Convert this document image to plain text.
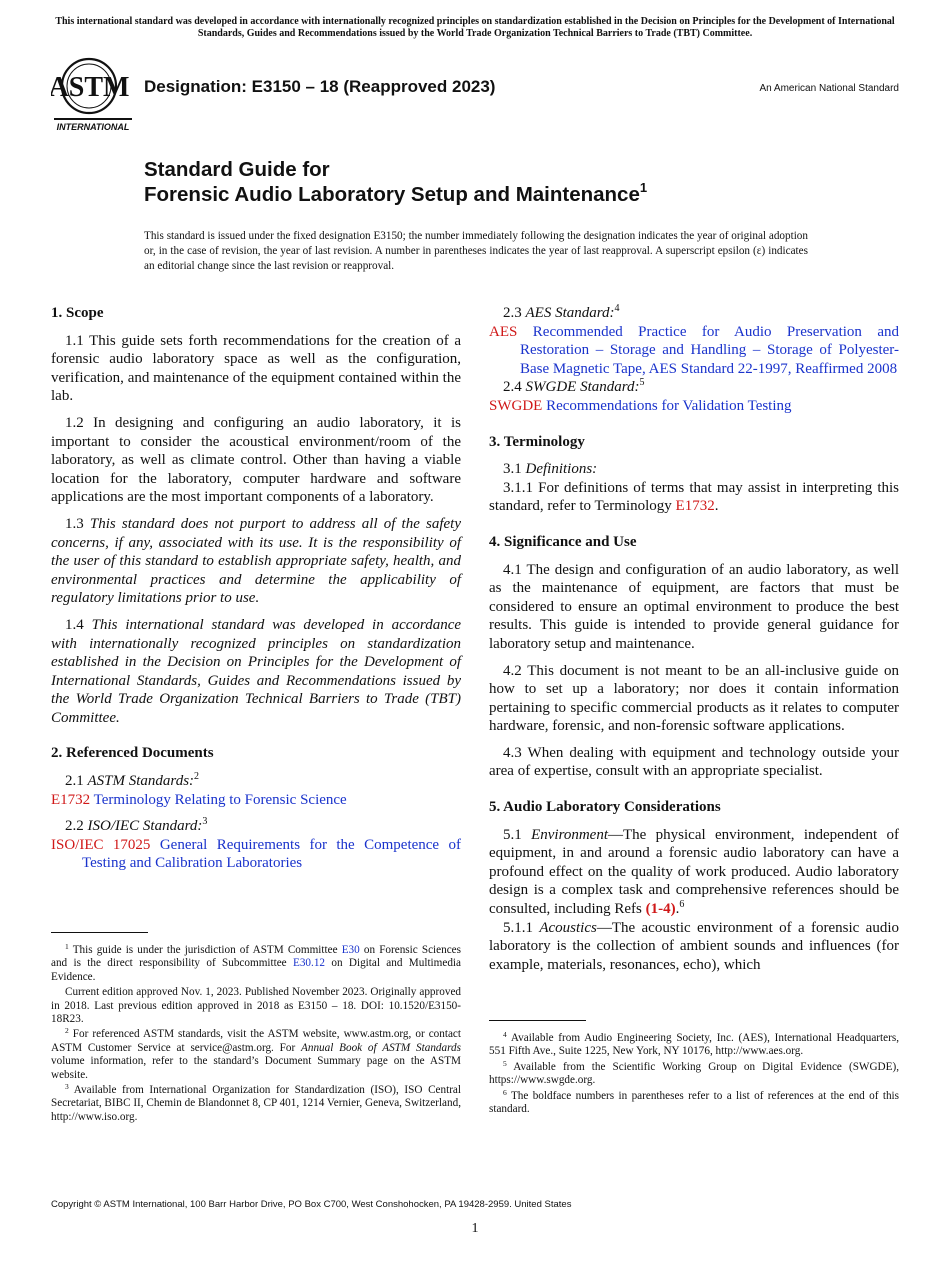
This international standard was developed in accordance with internationally recognized principles on standardization established in the Decision on Principles for the Development of International Standards, Guides and Recommendations issued by the World Trade Organization Technical Barriers to Trade (TBT) Committee.
ASTM
INTERNATIONAL
Designation: E3150 – 18 (Reapproved 2023)	An American National Standard
Standard Guide for
Forensic Audio Laboratory Setup and Maintenance$^1$
This standard is issued under the fixed designation E3150; the number immediately following the designation indicates the year of original adoption or, in the case of revision, the year of last revision. A number in parentheses indicates the year of last reapproval. A superscript epsilon (ε) indicates an editorial change since the last revision or reapproval.
1. Scope

1.1 This guide sets forth recommendations for the creation of a forensic audio laboratory space as well as the configuration, verification, and maintenance of the equipment contained within the lab.

1.2 In designing and configuring an audio laboratory, it is important to consider the acoustical environment/room of the laboratory, as well as climate control. Other than having a viable location for the laboratory, computer hardware and software applications are the most important components of a laboratory.

1.3 This standard does not purport to address all of the safety concerns, if any, associated with its use. It is the responsibility of the user of this standard to establish appropriate safety, health, and environmental practices and determine the applicability of regulatory limitations prior to use.

1.4 This international standard was developed in accordance with internationally recognized principles on standardization established in the Decision on Principles for the Development of International Standards, Guides and Recommendations issued by the World Trade Organization Technical Barriers to Trade (TBT) Committee.

2. Referenced Documents
2.1 ASTM Standards:$^2$
E1732 Terminology Relating to Forensic Science
2.2 ISO/IEC Standard:$^3$
ISO/IEC 17025 General Requirements for the Competence of Testing and Calibration Laboratories

$^1$ This guide is under the jurisdiction of ASTM Committee E30 on Forensic Sciences and is the direct responsibility of Subcommittee E30.12 on Digital and Multimedia Evidence.

Current edition approved Nov. 1, 2023. Published November 2023. Originally approved in 2018. Last previous edition approved in 2018 as E3150 – 18. DOI: 10.1520/E3150-18R23.

$^2$ For referenced ASTM standards, visit the ASTM website, www.astm.org, or contact ASTM Customer Service at service@astm.org. For Annual Book of ASTM Standards volume information, refer to the standard’s Document Summary page on the ASTM website.

$^3$ Available from International Organization for Standardization (ISO), ISO Central Secretariat, BIBC II, Chemin de Blandonnet 8, CP 401, 1214 Vernier, Geneva, Switzerland, http://www.iso.org.

2.3 AES Standard:$^4$
AES Recommended Practice for Audio Preservation and Restoration – Storage and Handling – Storage of Polyester-Base Magnetic Tape, AES Standard 22-1997, Reaffirmed 2008
2.4 SWGDE Standard:$^5$
SWGDE Recommendations for Validation Testing
3. Terminology
3.1 Definitions:

3.1.1 For definitions of terms that may assist in interpreting this standard, refer to Terminology E1732.

4. Significance and Use

4.1 The design and configuration of an audio laboratory, as well as the maintenance of equipment, are factors that must be considered to ensure an optimal environment to produce the best results. This guide is intended to provide general guidance for laboratory setup and maintenance.

4.2 This document is not meant to be an all-inclusive guide on how to set up a laboratory; nor does it contain information pertaining to specific commercial products as it relates to computer hardware, forensic, and non-forensic software applications.

4.3 When dealing with equipment and technology outside your area of expertise, consult with an appropriate specialist.

5. Audio Laboratory Considerations

5.1 Environment—The physical environment, independent of equipment, in and around a forensic audio laboratory can have a profound effect on the quality of work produced. Audio laboratory design is a complex task and comprehensive references should be consulted, including Refs (1-4).$^6$

5.1.1 Acoustics—The acoustic environment of a forensic audio laboratory is the collection of ambient sounds and influences (for example, materials, resonances, echo), which

$^4$ Available from Audio Engineering Society, Inc. (AES), International Headquarters, 551 Fifth Ave., Suite 1225, New York, NY 10176, http://www.aes.org.

$^5$ Available from the Scientific Working Group on Digital Evidence (SWGDE), https://www.swgde.org.

$^6$ The boldface numbers in parentheses refer to a list of references at the end of this standard.

Copyright © ASTM International, 100 Barr Harbor Drive, PO Box C700, West Conshohocken, PA 19428-2959. United States
1
